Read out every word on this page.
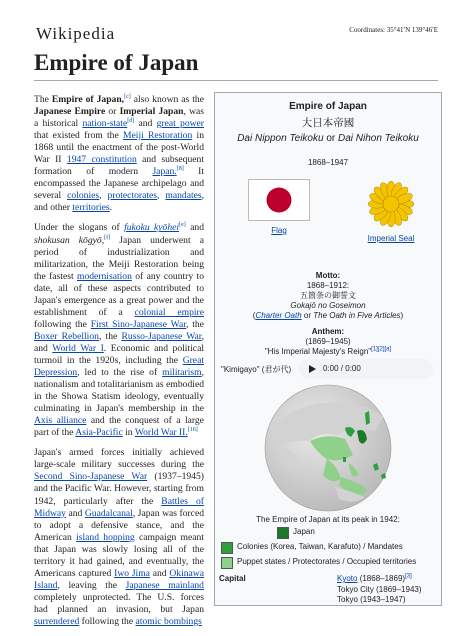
Wikipedia	Coordinates: 35°41′N 139°46′E
Empire of Japan

The Empire of Japan,[c] also known as the Japanese Empire or Imperial Japan, was a historical nation-state[d] and great power that existed from the Meiji Restoration in 1868 until the enactment of the post-World War II 1947 constitution and subsequent formation of modern Japan.[8] It encompassed the Japanese archipelago and several colonies, protectorates, mandates, and other territories.

Under the slogans of fukoku kyōhei[e] and shokusan kōgyō,[f] Japan underwent a period of industrialization and militarization, the Meiji Restoration being the fastest modernisation of any country to date, all of these aspects contributed to Japan's emergence as a great power and the establishment of a colonial empire following the First Sino-Japanese War, the Boxer Rebellion, the Russo-Japanese War, and World War I. Economic and political turmoil in the 1920s, including the Great Depression, led to the rise of militarism, nationalism and totalitarianism as embodied in the Showa Statism ideology, eventually culminating in Japan's membership in the Axis alliance and the conquest of a large part of the Asia-Pacific in World War II.[16]

Japan's armed forces initially achieved large-scale military successes during the Second Sino-Japanese War (1937–1945) and the Pacific War. However, starting from 1942, particularly after the Battles of Midway and Guadalcanal, Japan was forced to adopt a defensive stance, and the American island hopping campaign meant that Japan was slowly losing all of the territory it had gained, and eventually, the Americans captured Iwo Jima and Okinawa Island, leaving the Japanese mainland completely unprotected. The U.S. forces had planned an invasion, but Japan surrendered following the atomic bombings

Empire of Japan
大日本帝國
Dai Nippon Teikoku or Dai Nihon Teikoku
1868–1947
Flag
Imperial Seal
Motto:
1868–1912:
五箇条の御誓文
Gokajō no Goseimon
(Charter Oath or The Oath in Five Articles)
Anthem:
(1869–1945)
"His Imperial Majesty's Reign"[1][2][a]
"Kimigayo" (君が代)	0:00 / 0:00
The Empire of Japan at its peak in 1942:
Japan
Colonies (Korea, Taiwan, Karafuto) / Mandates
Puppet states / Protectorates / Occupied territories
Capital	Kyoto (1868–1869)[3]
Tokyo City (1869–1943)
Tokyo (1943–1947)
